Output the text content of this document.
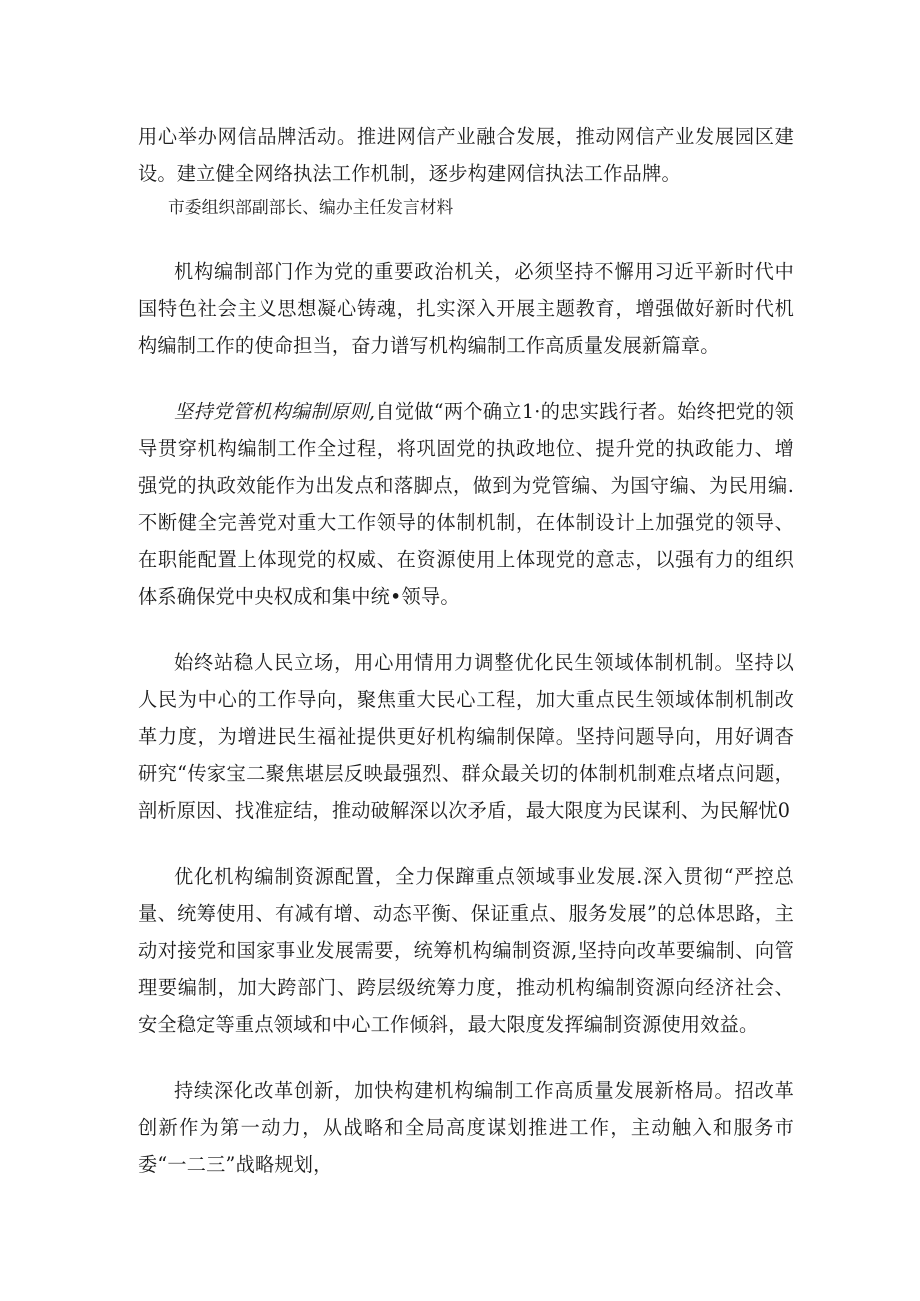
用心举办网信品牌活动。推进网信产业融合发展，推动网信产业发展园区建设。建立健全网络执法工作机制，逐步构建网信执法工作品牌。

市委组织部副部长、编办主任发言材料

机构编制部门作为党的重要政治机关，必须坚持不懈用习近平新时代中国特色社会主义思想凝心铸魂，扎实深入开展主题教育，增强做好新时代机构编制工作的使命担当，奋力谱写机构编制工作高质量发展新篇章。

坚持党管机构编制原则,自觉做“两个确立1·的忠实践行者。始终把党的领导贯穿机构编制工作全过程，将巩固党的执政地位、提升党的执政能力、增强党的执政效能作为出发点和落脚点，做到为党管编、为国守编、为民用编.不断健全完善党对重大工作领导的体制机制，在体制设计上加强党的领导、在职能配置上体现党的权威、在资源使用上体现党的意志，以强有力的组织体系确保党中央权成和集中统•领导。

始终站稳人民立场，用心用情用力调整优化民生领域体制机制。坚持以人民为中心的工作导向，聚焦重大民心工程，加大重点民生领域体制机制改革力度，为增进民生福祉提供更好机构编制保障。坚持问题导向，用好调杳研究“传家宝二聚焦堪层反映最强烈、群众最关切的体制机制难点堵点问题，剖析原因、找准症结，推动破解深以次矛盾，最大限度为民谋利、为民解忧0

优化机构编制资源配置，全力保蹿重点领域事业发展.深入贯彻“严控总量、统筹使用、有减有增、动态平衡、保证重点、服务发展”的总体思路，主动对接党和国家事业发展需要，统筹机构编制资源,坚持向改革要编制、向管理要编制，加大跨部门、跨层级统筹力度，推动机构编制资源向经济社会、安全稳定等重点领域和中心工作倾斜，最大限度发挥编制资源使用效益。

持续深化改革创新，加快构建机构编制工作高质量发展新格局。招改革创新作为第一动力，从战略和全局高度谋划推进工作，主动触入和服务市委“一二三”战略规划，
